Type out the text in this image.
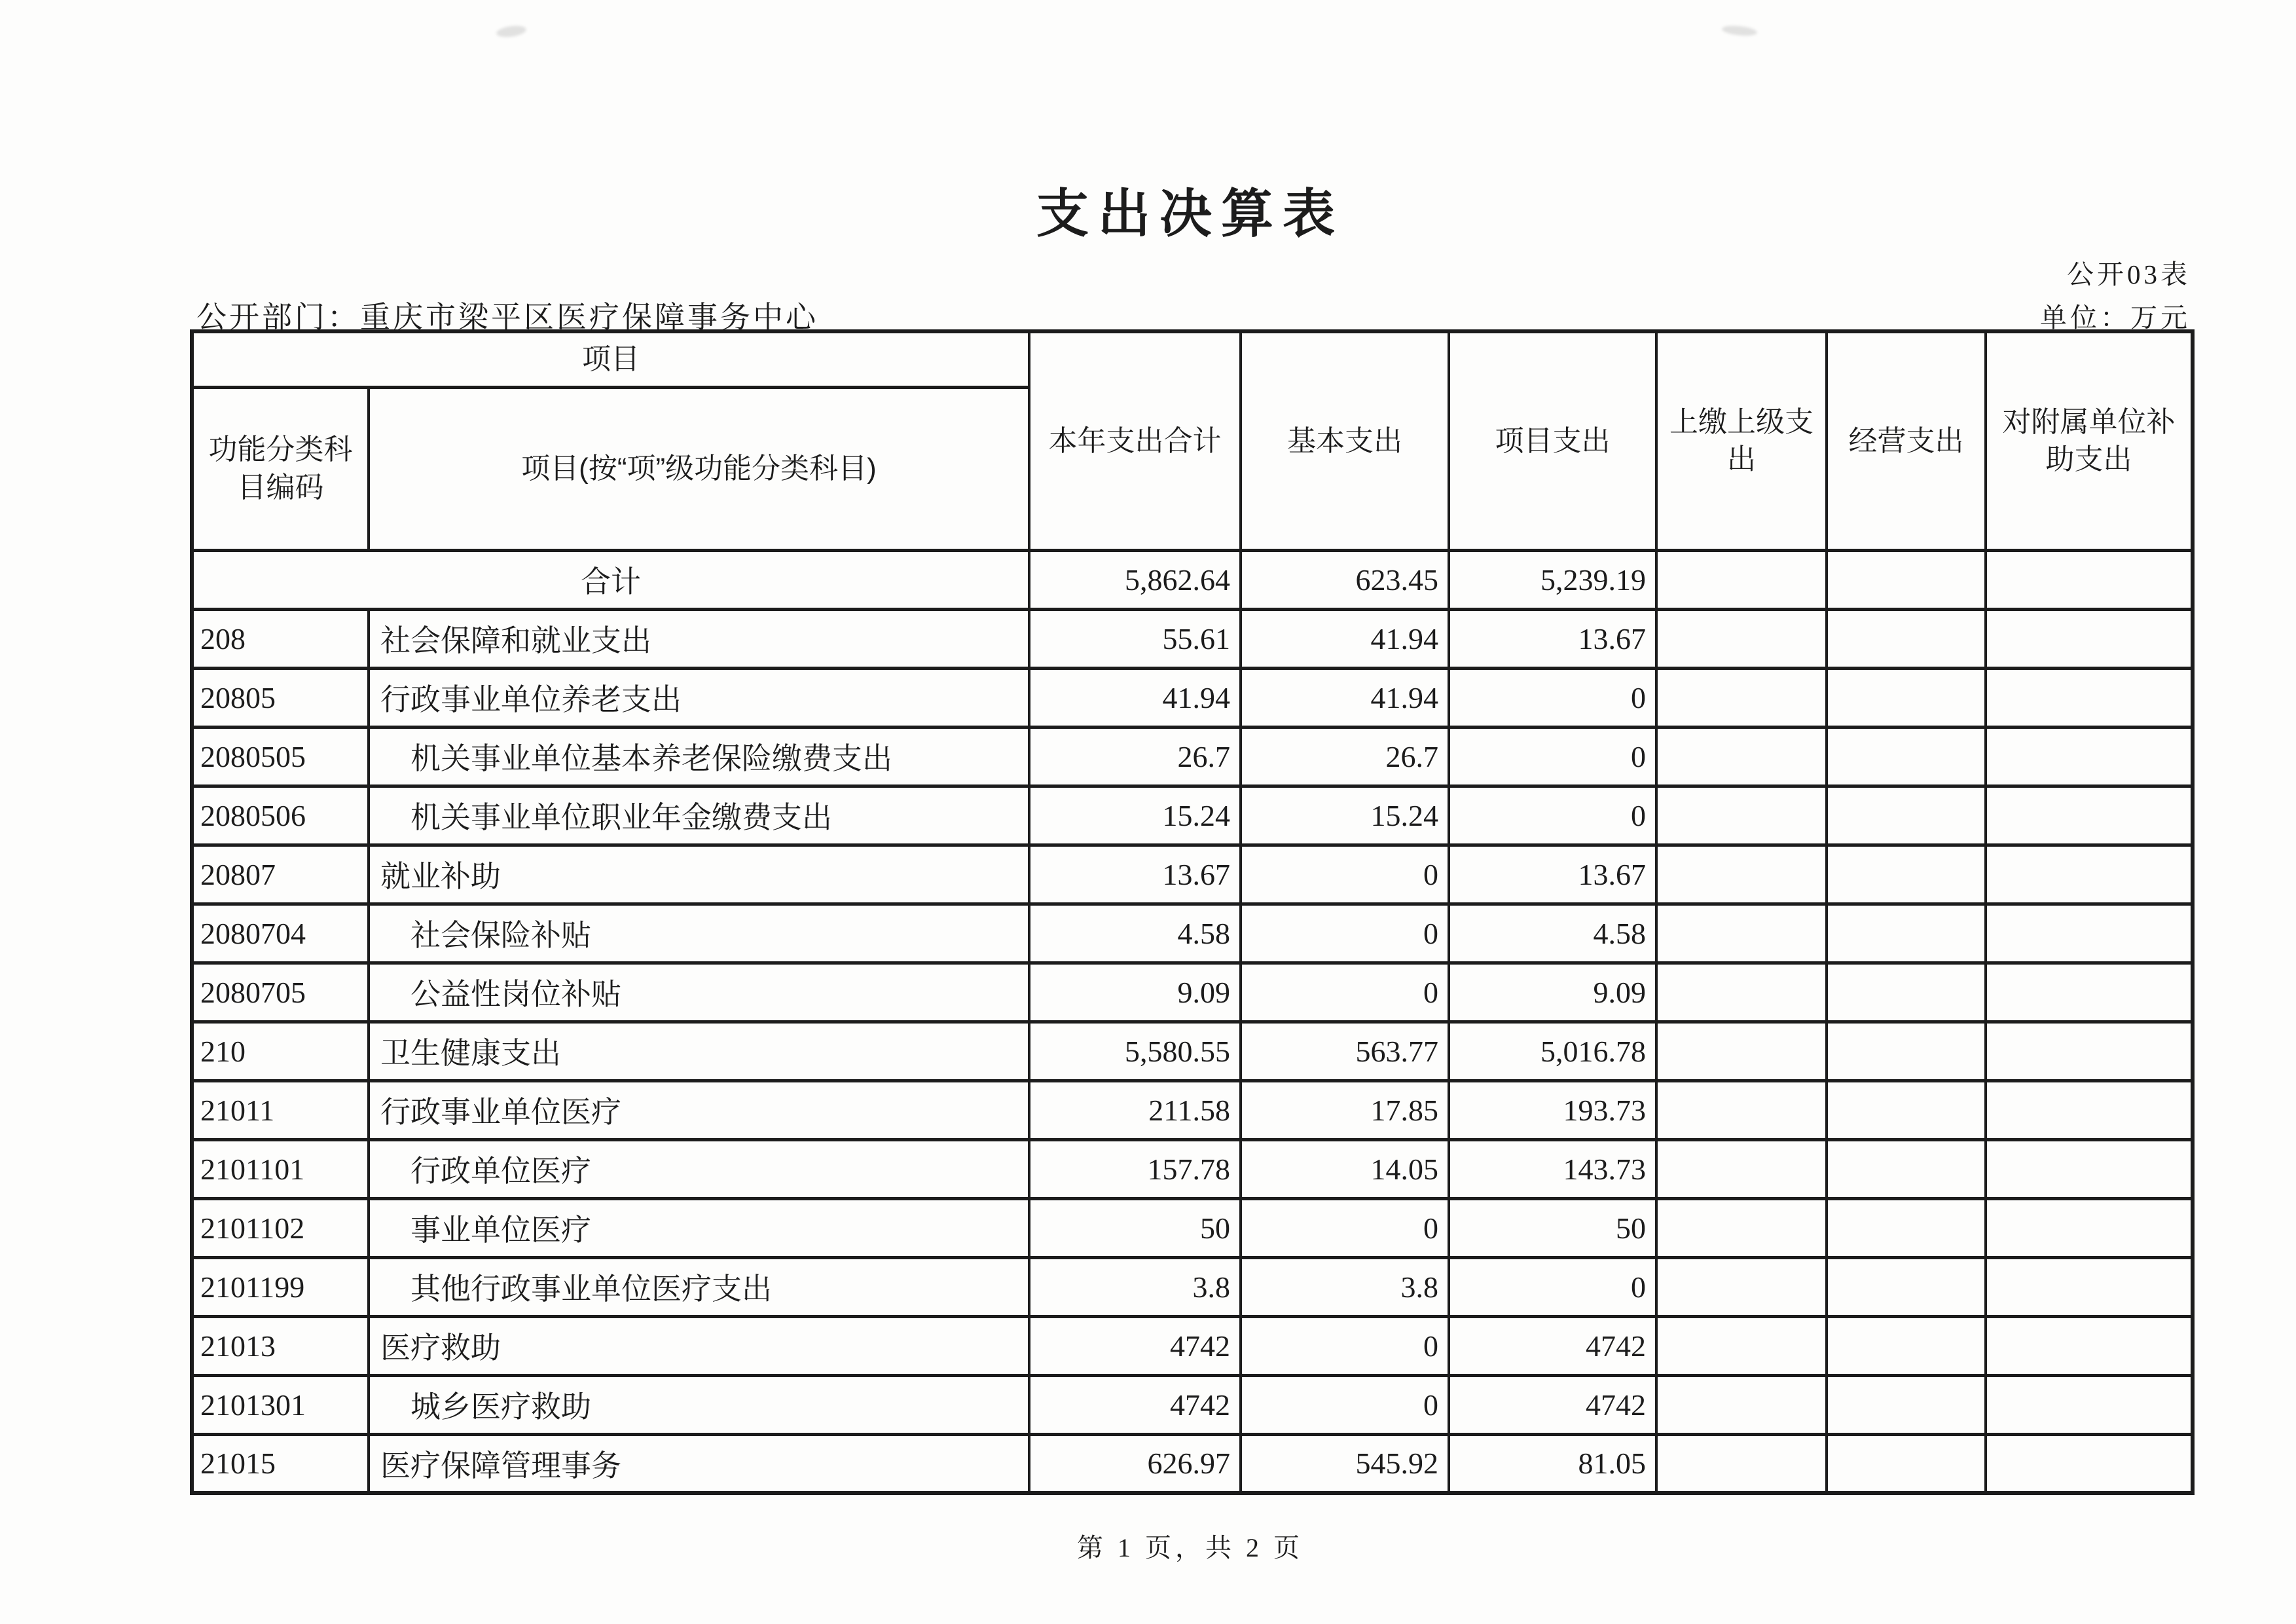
支出决算表
公开03表
公开部门：重庆市梁平区医疗保障事务中心	单位：万元
项目		本年支出合计	基本支出	项目支出	上缴上级支出	经营支出	对附属单位补助支出
功能分类科目编码	项目(按“项”级功能分类科目)						
合计		5,862.64	623.45	5,239.19			
208	社会保障和就业支出	55.61	41.94	13.67			
20805	行政事业单位养老支出	41.94	41.94	0			
2080505	机关事业单位基本养老保险缴费支出	26.7	26.7	0			
2080506	机关事业单位职业年金缴费支出	15.24	15.24	0			
20807	就业补助	13.67	0	13.67			
2080704	社会保险补贴	4.58	0	4.58			
2080705	公益性岗位补贴	9.09	0	9.09			
210	卫生健康支出	5,580.55	563.77	5,016.78			
21011	行政事业单位医疗	211.58	17.85	193.73			
2101101	行政单位医疗	157.78	14.05	143.73			
2101102	事业单位医疗	50	0	50			
2101199	其他行政事业单位医疗支出	3.8	3.8	0			
21013	医疗救助	4742	0	4742			
2101301	城乡医疗救助	4742	0	4742			
21015	医疗保障管理事务	626.97	545.92	81.05			
第 1 页，共 2 页
